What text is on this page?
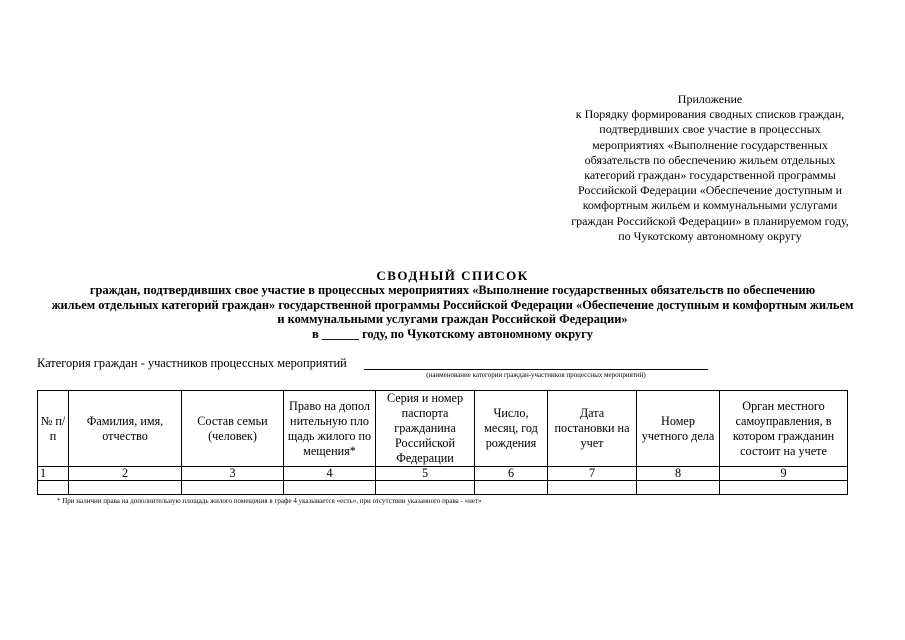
Приложение
к Порядку формирования сводных списков граждан,
подтвердивших свое участие в процессных
мероприятиях «Выполнение государственных
обязательств по обеспечению жильем отдельных
категорий граждан» государственной программы
Российской Федерации «Обеспечение доступным и
комфортным жильем и коммунальными услугами
граждан Российской Федерации» в планируемом году,
по Чукотскому автономному округу
СВОДНЫЙ СПИСОК
граждан, подтвердивших свое участие в процессных мероприятиях «Выполнение государственных обязательств по обеспечению
жильем отдельных категорий граждан» государственной программы Российской Федерации «Обеспечение доступным и комфортным жильем
и коммунальными услугами граждан Российской Федерации»
в ______ году, по Чукотскому автономному округу
Категория граждан - участников процессных мероприятий
(наименование категории граждан-участников процессных мероприятий)
№ п/п	Фамилия, имя, отчество	Состав семьи (человек)	Право на дополнительную площадь жилого помещения*	Серия и номер паспорта гражданина Российской Федерации	Число, месяц, год рождения	Дата постановки на учет	Номер учетного дела	Орган местного самоуправления, в котором гражданин состоит на учете
1	2	3	4	5	6	7	8	9

* При наличии права на дополнительную площадь жилого помещения в графе 4 указывается «есть», при отсутствии указанного права - «нет»
